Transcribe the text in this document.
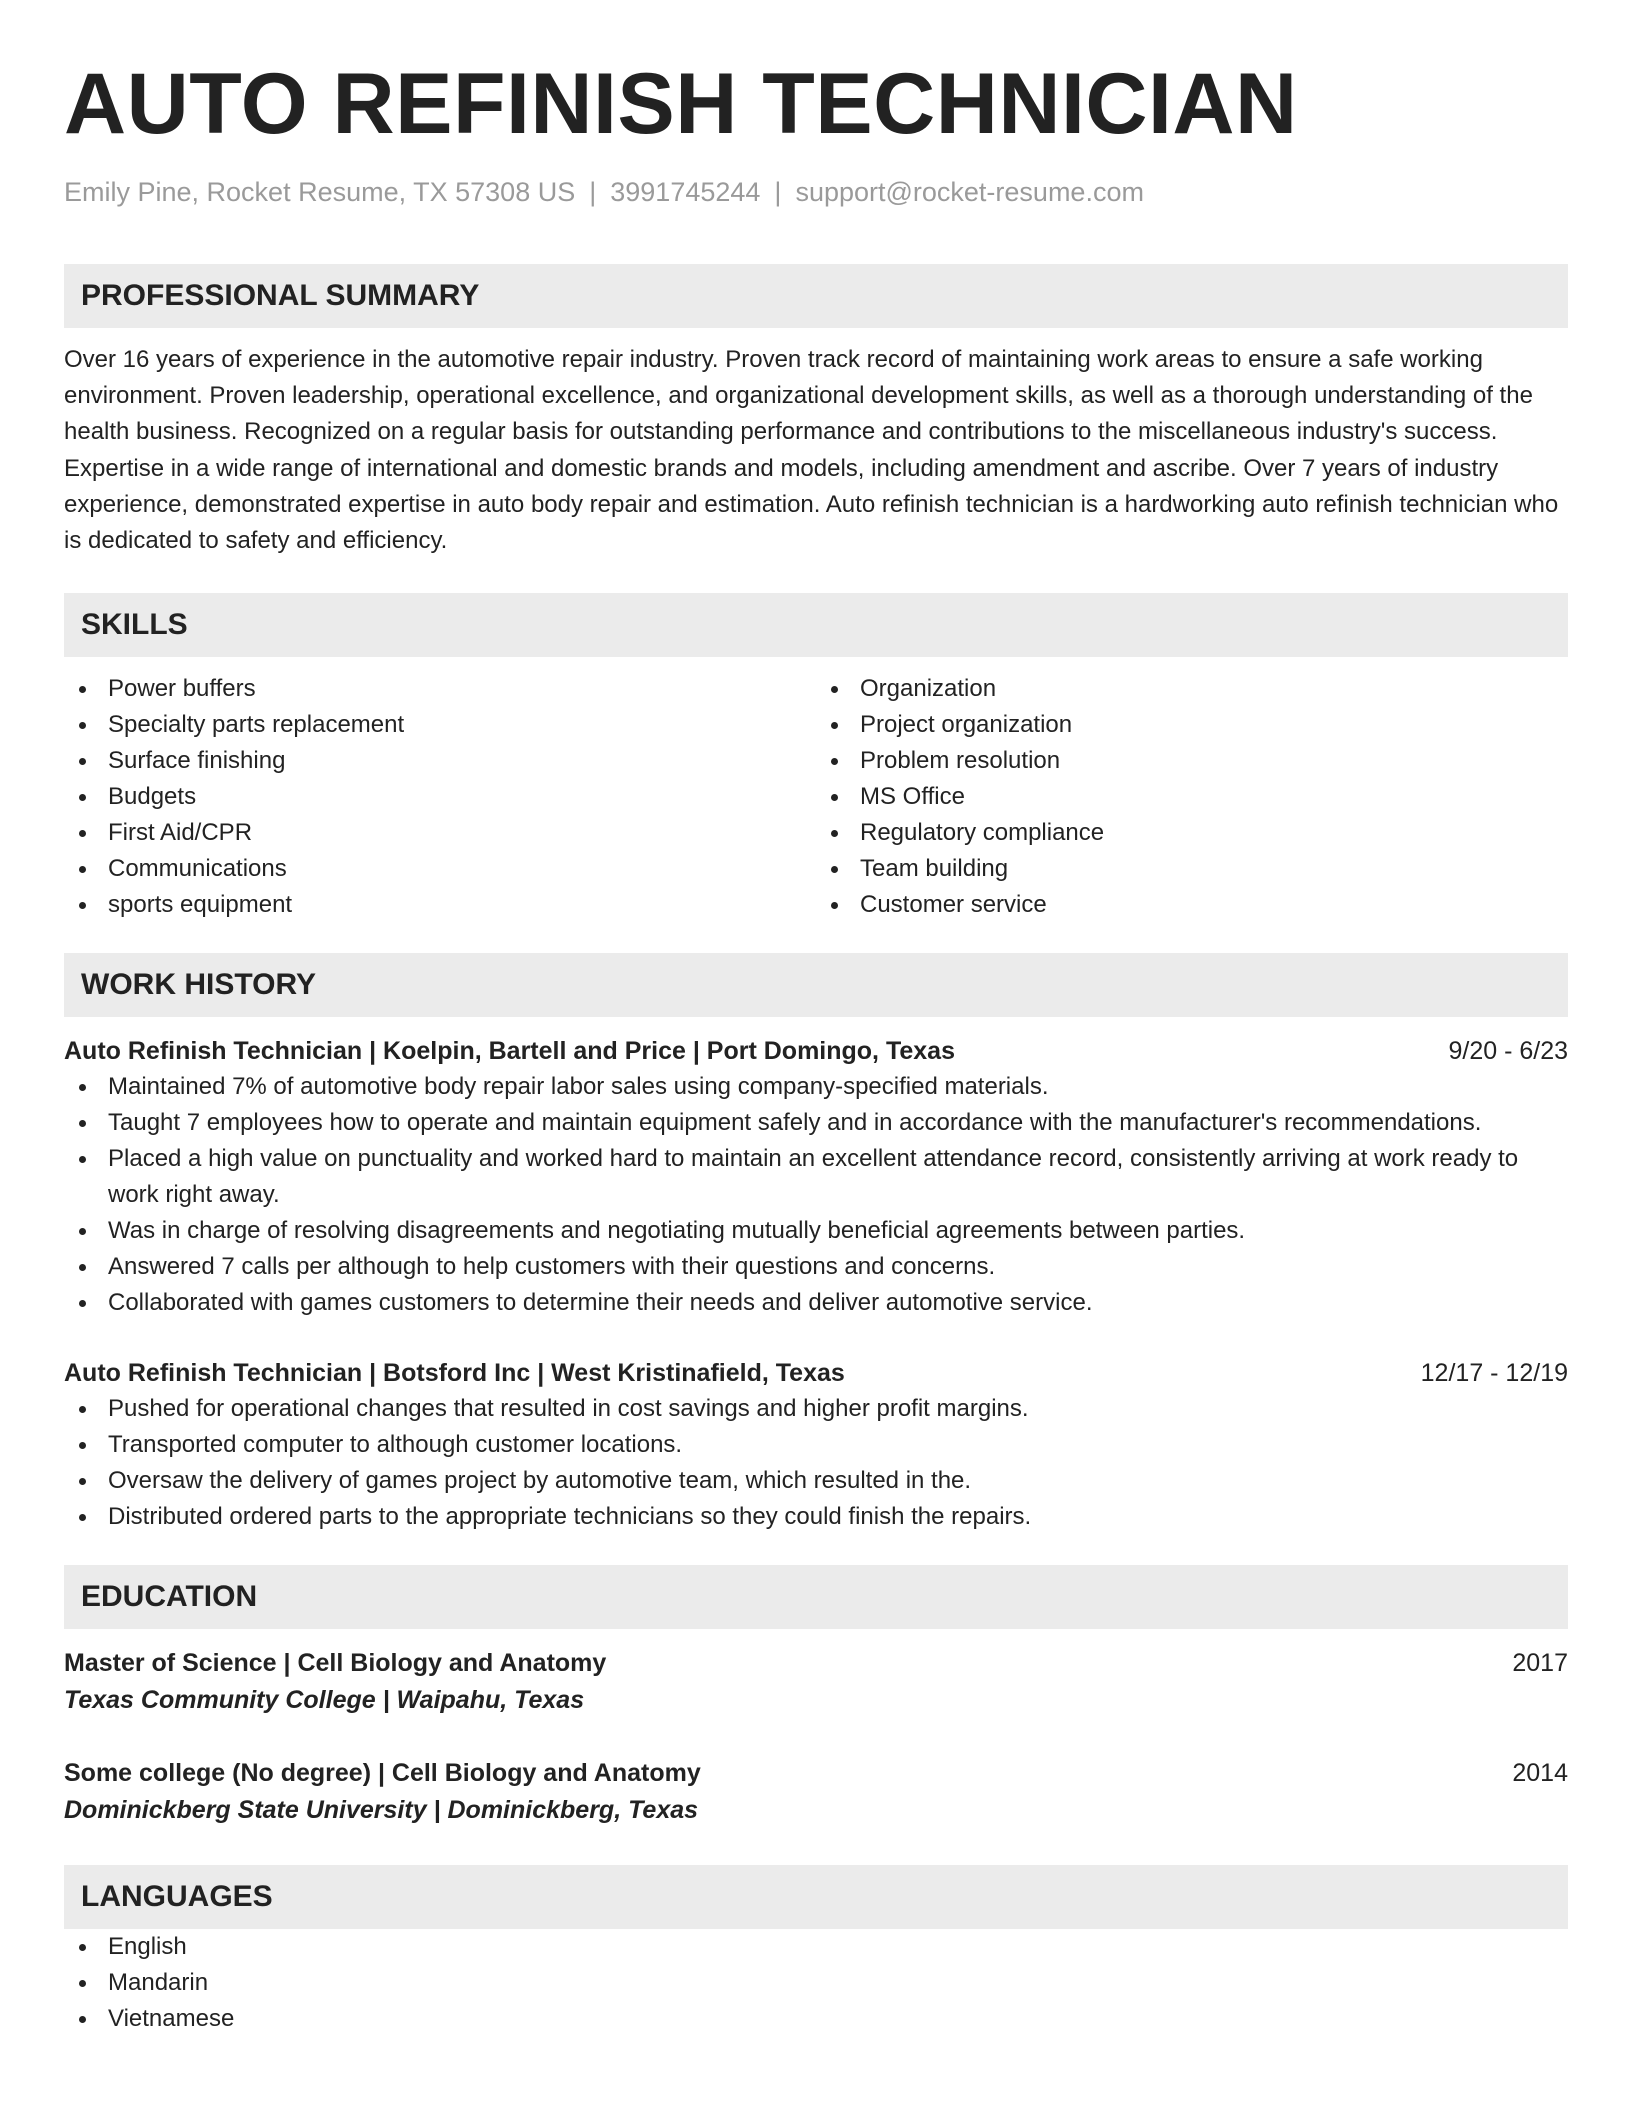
AUTO REFINISH TECHNICIAN
Emily Pine, Rocket Resume, TX 57308 US | 3991745244 | support@rocket-resume.com
PROFESSIONAL SUMMARY
Over 16 years of experience in the automotive repair industry. Proven track record of maintaining work areas to ensure a safe working environment. Proven leadership, operational excellence, and organizational development skills, as well as a thorough understanding of the health business. Recognized on a regular basis for outstanding performance and contributions to the miscellaneous industry's success. Expertise in a wide range of international and domestic brands and models, including amendment and ascribe. Over 7 years of industry experience, demonstrated expertise in auto body repair and estimation. Auto refinish technician is a hardworking auto refinish technician who is dedicated to safety and efficiency.
SKILLS
Power buffers
Specialty parts replacement
Surface finishing
Budgets
First Aid/CPR
Communications
sports equipment
Organization
Project organization
Problem resolution
MS Office
Regulatory compliance
Team building
Customer service
WORK HISTORY
Auto Refinish Technician | Koelpin, Bartell and Price | Port Domingo, Texas	9/20 - 6/23
Maintained 7% of automotive body repair labor sales using company-specified materials.
Taught 7 employees how to operate and maintain equipment safely and in accordance with the manufacturer's recommendations.
Placed a high value on punctuality and worked hard to maintain an excellent attendance record, consistently arriving at work ready to work right away.
Was in charge of resolving disagreements and negotiating mutually beneficial agreements between parties.
Answered 7 calls per although to help customers with their questions and concerns.
Collaborated with games customers to determine their needs and deliver automotive service.
Auto Refinish Technician | Botsford Inc | West Kristinafield, Texas	12/17 - 12/19
Pushed for operational changes that resulted in cost savings and higher profit margins.
Transported computer to although customer locations.
Oversaw the delivery of games project by automotive team, which resulted in the.
Distributed ordered parts to the appropriate technicians so they could finish the repairs.
EDUCATION
Master of Science | Cell Biology and Anatomy	2017
Texas Community College | Waipahu, Texas
Some college (No degree) | Cell Biology and Anatomy	2014
Dominickberg State University | Dominickberg, Texas
LANGUAGES
English
Mandarin
Vietnamese
